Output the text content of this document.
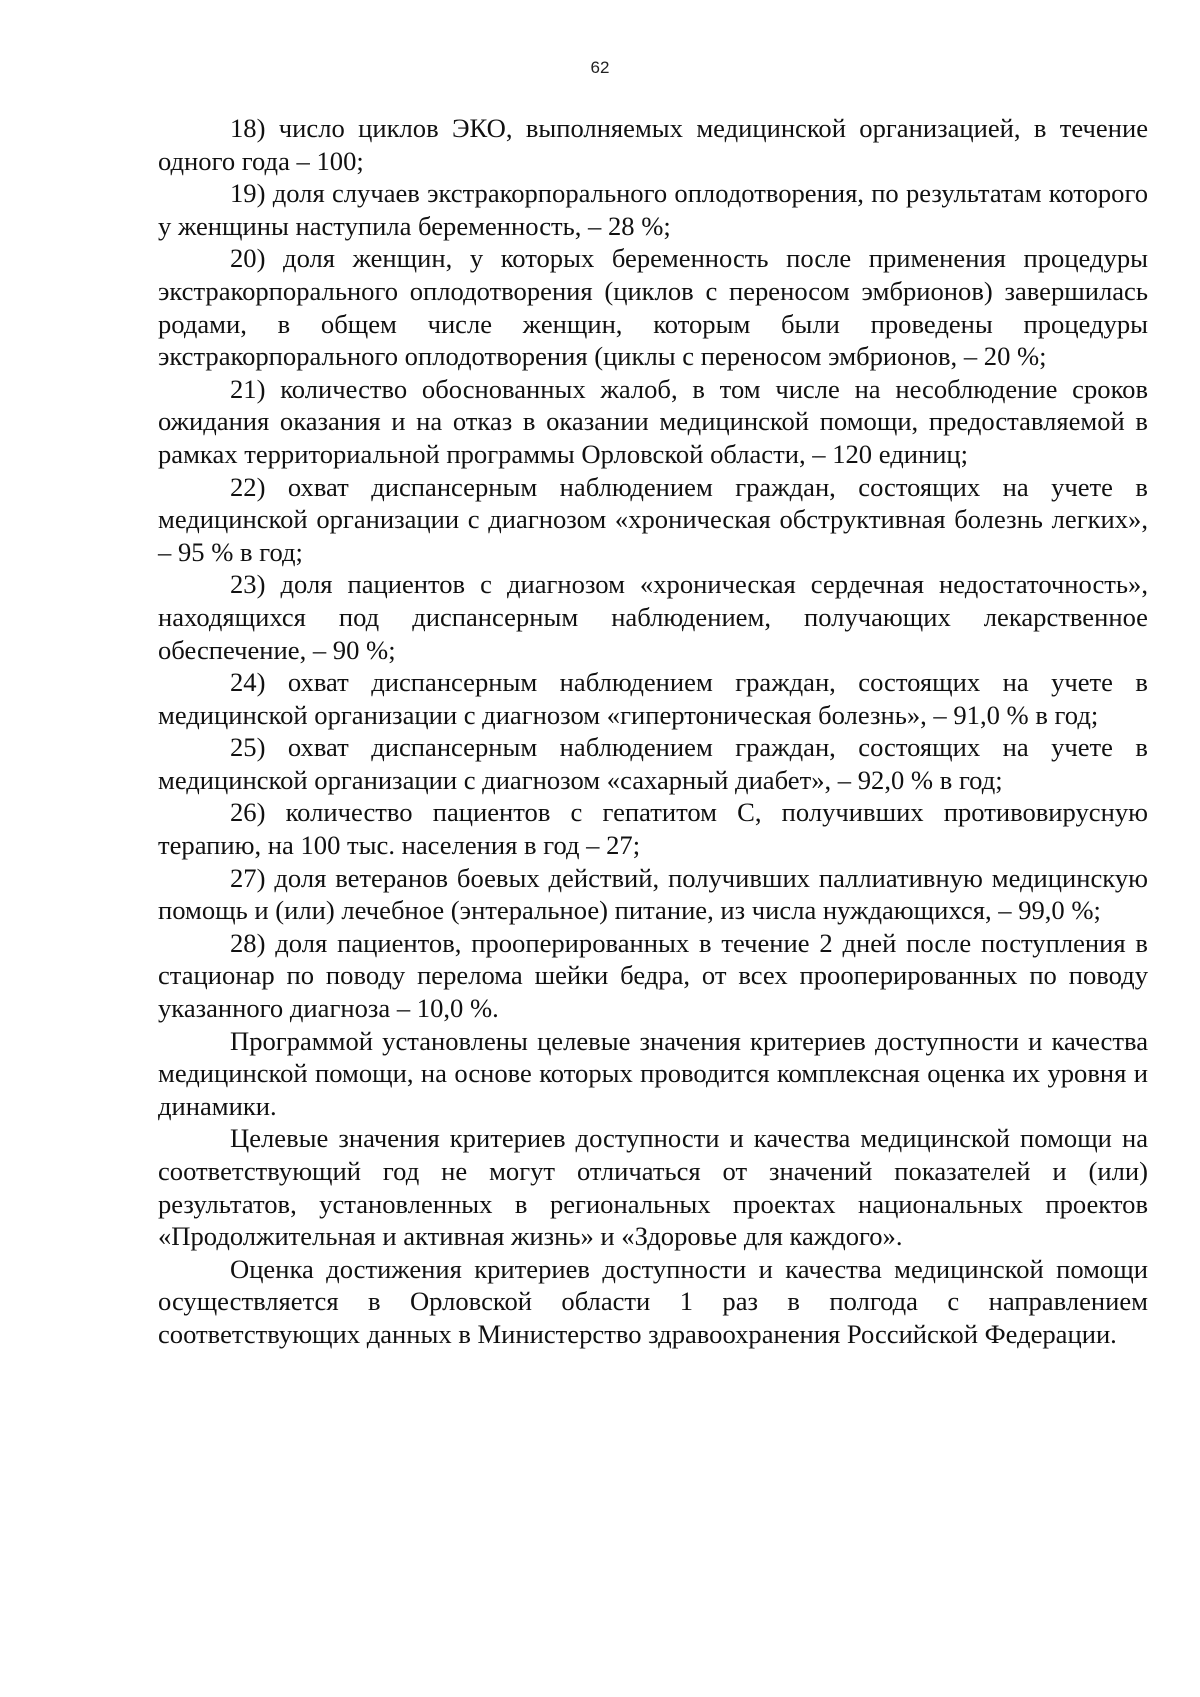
62

18) число циклов ЭКО, выполняемых медицинской организацией, в течение одного года – 100;

19) доля случаев экстракорпорального оплодотворения, по результатам которого у женщины наступила беременность, – 28 %;

20) доля женщин, у которых беременность после применения процедуры экстракорпорального оплодотворения (циклов с переносом эмбрионов) завершилась родами, в общем числе женщин, которым были проведены процедуры экстракорпорального оплодотворения (циклы с переносом эмбрионов, – 20 %;

21) количество обоснованных жалоб, в том числе на несоблюдение сроков ожидания оказания и на отказ в оказании медицинской помощи, предоставляемой в рамках территориальной программы Орловской области, – 120 единиц;

22) охват диспансерным наблюдением граждан, состоящих на учете в медицинской организации с диагнозом «хроническая обструктивная болезнь легких», – 95 % в год;

23) доля пациентов с диагнозом «хроническая сердечная недостаточность», находящихся под диспансерным наблюдением, получающих лекарственное обеспечение, – 90 %;

24) охват диспансерным наблюдением граждан, состоящих на учете в медицинской организации с диагнозом «гипертоническая болезнь», – 91,0 % в год;

25) охват диспансерным наблюдением граждан, состоящих на учете в медицинской организации с диагнозом «сахарный диабет», – 92,0 % в год;

26) количество пациентов с гепатитом С, получивших противовирусную терапию, на 100 тыс. населения в год – 27;

27) доля ветеранов боевых действий, получивших паллиативную медицинскую помощь и (или) лечебное (энтеральное) питание, из числа нуждающихся, – 99,0 %;

28) доля пациентов, прооперированных в течение 2 дней после поступления в стационар по поводу перелома шейки бедра, от всех прооперированных по поводу указанного диагноза – 10,0 %.

Программой установлены целевые значения критериев доступности и качества медицинской помощи, на основе которых проводится комплексная оценка их уровня и динамики.

Целевые значения критериев доступности и качества медицинской помощи на соответствующий год не могут отличаться от значений показателей и (или) результатов, установленных в региональных проектах национальных проектов «Продолжительная и активная жизнь» и «Здоровье для каждого».

Оценка достижения критериев доступности и качества медицинской помощи осуществляется в Орловской области 1 раз в полгода с направлением соответствующих данных в Министерство здравоохранения Российской Федерации.
